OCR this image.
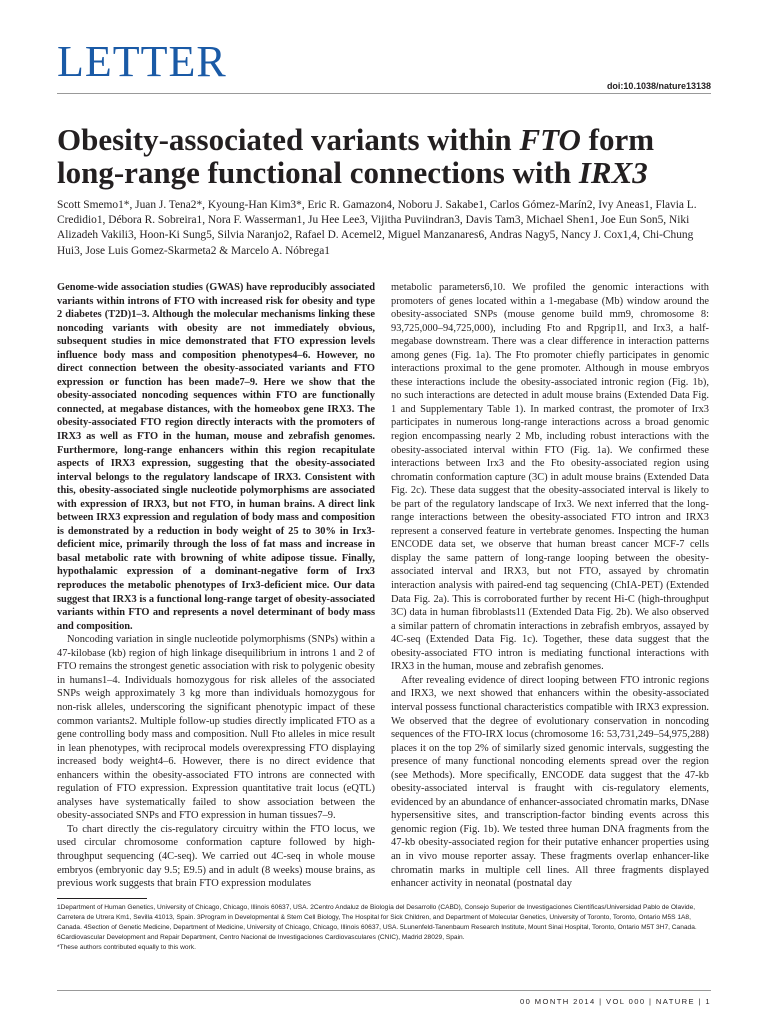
LETTER	doi:10.1038/nature13138
Obesity-associated variants within FTO form long-range functional connections with IRX3
Scott Smemo1*, Juan J. Tena2*, Kyoung-Han Kim3*, Eric R. Gamazon4, Noboru J. Sakabe1, Carlos Gómez-Marín2, Ivy Aneas1, Flavia L. Credidio1, Débora R. Sobreira1, Nora F. Wasserman1, Ju Hee Lee3, Vijitha Puviindran3, Davis Tam3, Michael Shen1, Joe Eun Son5, Niki Alizadeh Vakili3, Hoon-Ki Sung5, Silvia Naranjo2, Rafael D. Acemel2, Miguel Manzanares6, Andras Nagy5, Nancy J. Cox1,4, Chi-Chung Hui3, Jose Luis Gomez-Skarmeta2 & Marcelo A. Nóbrega1

Genome-wide association studies (GWAS) have reproducibly associated variants within introns of FTO with increased risk for obesity and type 2 diabetes (T2D)1–3. Although the molecular mechanisms linking these noncoding variants with obesity are not immediately obvious, subsequent studies in mice demonstrated that FTO expression levels influence body mass and composition phenotypes4–6. However, no direct connection between the obesity-associated variants and FTO expression or function has been made7–9. Here we show that the obesity-associated noncoding sequences within FTO are functionally connected, at megabase distances, with the homeobox gene IRX3. The obesity-associated FTO region directly interacts with the promoters of IRX3 as well as FTO in the human, mouse and zebrafish genomes. Furthermore, long-range enhancers within this region recapitulate aspects of IRX3 expression, suggesting that the obesity-associated interval belongs to the regulatory landscape of IRX3. Consistent with this, obesity-associated single nucleotide polymorphisms are associated with expression of IRX3, but not FTO, in human brains. A direct link between IRX3 expression and regulation of body mass and composition is demonstrated by a reduction in body weight of 25 to 30% in Irx3-deficient mice, primarily through the loss of fat mass and increase in basal metabolic rate with browning of white adipose tissue. Finally, hypothalamic expression of a dominant-negative form of Irx3 reproduces the metabolic phenotypes of Irx3-deficient mice. Our data suggest that IRX3 is a functional long-range target of obesity-associated variants within FTO and represents a novel determinant of body mass and composition.

Noncoding variation in single nucleotide polymorphisms (SNPs) within a 47-kilobase (kb) region of high linkage disequilibrium in introns 1 and 2 of FTO remains the strongest genetic association with risk to polygenic obesity in humans1–4. Individuals homozygous for risk alleles of the associated SNPs weigh approximately 3 kg more than individuals homozygous for non-risk alleles, underscoring the significant phenotypic impact of these common variants2. Multiple follow-up studies directly implicated FTO as a gene controlling body mass and composition. Null Fto alleles in mice result in lean phenotypes, with reciprocal models overexpressing FTO displaying increased body weight4–6. However, there is no direct evidence that enhancers within the obesity-associated FTO introns are connected with regulation of FTO expression. Expression quantitative trait locus (eQTL) analyses have systematically failed to show association between the obesity-associated SNPs and FTO expression in human tissues7–9.

To chart directly the cis-regulatory circuitry within the FTO locus, we used circular chromosome conformation capture followed by high-throughput sequencing (4C-seq). We carried out 4C-seq in whole mouse embryos (embryonic day 9.5; E9.5) and in adult (8 weeks) mouse brains, as previous work suggests that brain FTO expression modulates

metabolic parameters6,10. We profiled the genomic interactions with promoters of genes located within a 1-megabase (Mb) window around the obesity-associated SNPs (mouse genome build mm9, chromosome 8: 93,725,000–94,725,000), including Fto and Rpgrip1l, and Irx3, a half-megabase downstream. There was a clear difference in interaction patterns among genes (Fig. 1a). The Fto promoter chiefly participates in genomic interactions proximal to the gene promoter. Although in mouse embryos these interactions include the obesity-associated intronic region (Fig. 1b), no such interactions are detected in adult mouse brains (Extended Data Fig. 1 and Supplementary Table 1). In marked contrast, the promoter of Irx3 participates in numerous long-range interactions across a broad genomic region encompassing nearly 2 Mb, including robust interactions with the obesity-associated interval within FTO (Fig. 1a). We confirmed these interactions between Irx3 and the Fto obesity-associated region using chromatin conformation capture (3C) in adult mouse brains (Extended Data Fig. 2c). These data suggest that the obesity-associated interval is likely to be part of the regulatory landscape of Irx3. We next inferred that the long-range interactions between the obesity-associated FTO intron and IRX3 represent a conserved feature in vertebrate genomes. Inspecting the human ENCODE data set, we observe that human breast cancer MCF-7 cells display the same pattern of long-range looping between the obesity-associated interval and IRX3, but not FTO, assayed by chromatin interaction analysis with paired-end tag sequencing (ChIA-PET) (Extended Data Fig. 2a). This is corroborated further by recent Hi-C (high-throughput 3C) data in human fibroblasts11 (Extended Data Fig. 2b). We also observed a similar pattern of chromatin interactions in zebrafish embryos, assayed by 4C-seq (Extended Data Fig. 1c). Together, these data suggest that the obesity-associated FTO intron is mediating functional interactions with IRX3 in the human, mouse and zebrafish genomes.

After revealing evidence of direct looping between FTO intronic regions and IRX3, we next showed that enhancers within the obesity-associated interval possess functional characteristics compatible with IRX3 expression. We observed that the degree of evolutionary conservation in noncoding sequences of the FTO-IRX locus (chromosome 16: 53,731,249–54,975,288) places it on the top 2% of similarly sized genomic intervals, suggesting the presence of many functional noncoding elements spread over the region (see Methods). More specifically, ENCODE data suggest that the 47-kb obesity-associated interval is fraught with cis-regulatory elements, evidenced by an abundance of enhancer-associated chromatin marks, DNase hypersensitive sites, and transcription-factor binding events across this genomic region (Fig. 1b). We tested three human DNA fragments from the 47-kb obesity-associated region for their putative enhancer properties using an in vivo mouse reporter assay. These fragments overlap enhancer-like chromatin marks in multiple cell lines. All three fragments displayed enhancer activity in neonatal (postnatal day

1Department of Human Genetics, University of Chicago, Chicago, Illinois 60637, USA. 2Centro Andaluz de Biología del Desarrollo (CABD), Consejo Superior de Investigaciones Científicas/Universidad Pablo de Olavide, Carretera de Utrera Km1, Sevilla 41013, Spain. 3Program in Developmental & Stem Cell Biology, The Hospital for Sick Children, and Department of Molecular Genetics, University of Toronto, Toronto, Ontario M5S 1A8, Canada. 4Section of Genetic Medicine, Department of Medicine, University of Chicago, Chicago, Illinois 60637, USA. 5Lunenfeld-Tanenbaum Research Institute, Mount Sinai Hospital, Toronto, Ontario M5T 3H7, Canada. 6Cardiovascular Development and Repair Department, Centro Nacional de Investigaciones Cardiovasculares (CNIC), Madrid 28029, Spain.

*These authors contributed equally to this work.

00 MONTH 2014 | VOL 000 | NATURE | 1
